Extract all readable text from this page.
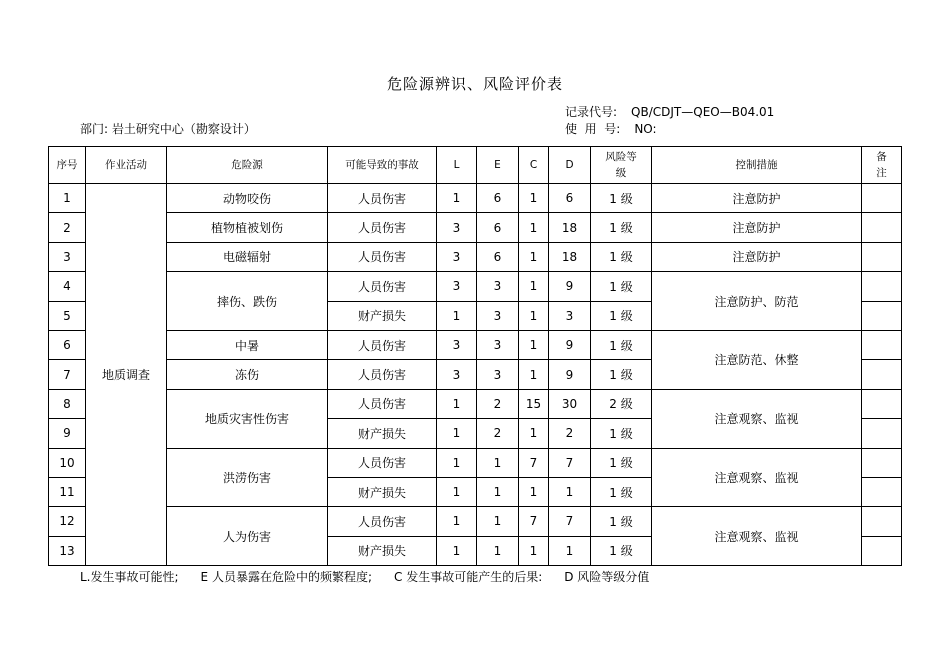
危险源辨识、风险评价表
记录代号: QB/CDJT—QEO—B04.01
使  用  号: NO:
部门: 岩土研究中心（勘察设计）
序号	作业活动	危险源	可能导致的事故	L	E	C	D	风险等级	控制措施	备注
1	地质调查	动物咬伤	人员伤害	1	6	1	6	1 级	注意防护	
2		植物植被划伤	人员伤害	3	6	1	18	1 级	注意防护	
3		电磁辐射	人员伤害	3	6	1	18	1 级	注意防护	
4		摔伤、跌伤	人员伤害	3	3	1	9	1 级	注意防护、防范	
5			财产损失	1	3	1	3	1 级		
6		中暑	人员伤害	3	3	1	9	1 级	注意防范、休整	
7		冻伤	人员伤害	3	3	1	9	1 级		
8		地质灾害性伤害	人员伤害	1	2	15	30	2 级	注意观察、监视	
9			财产损失	1	2	1	2	1 级		
10		洪涝伤害	人员伤害	1	1	7	7	1 级	注意观察、监视	
11			财产损失	1	1	1	1	1 级		
12		人为伤害	人员伤害	1	1	7	7	1 级	注意观察、监视	
13			财产损失	1	1	1	1	1 级		
L.发生事故可能性; E 人员暴露在危险中的频繁程度; C 发生事故可能产生的后果: D 风险等级分值
